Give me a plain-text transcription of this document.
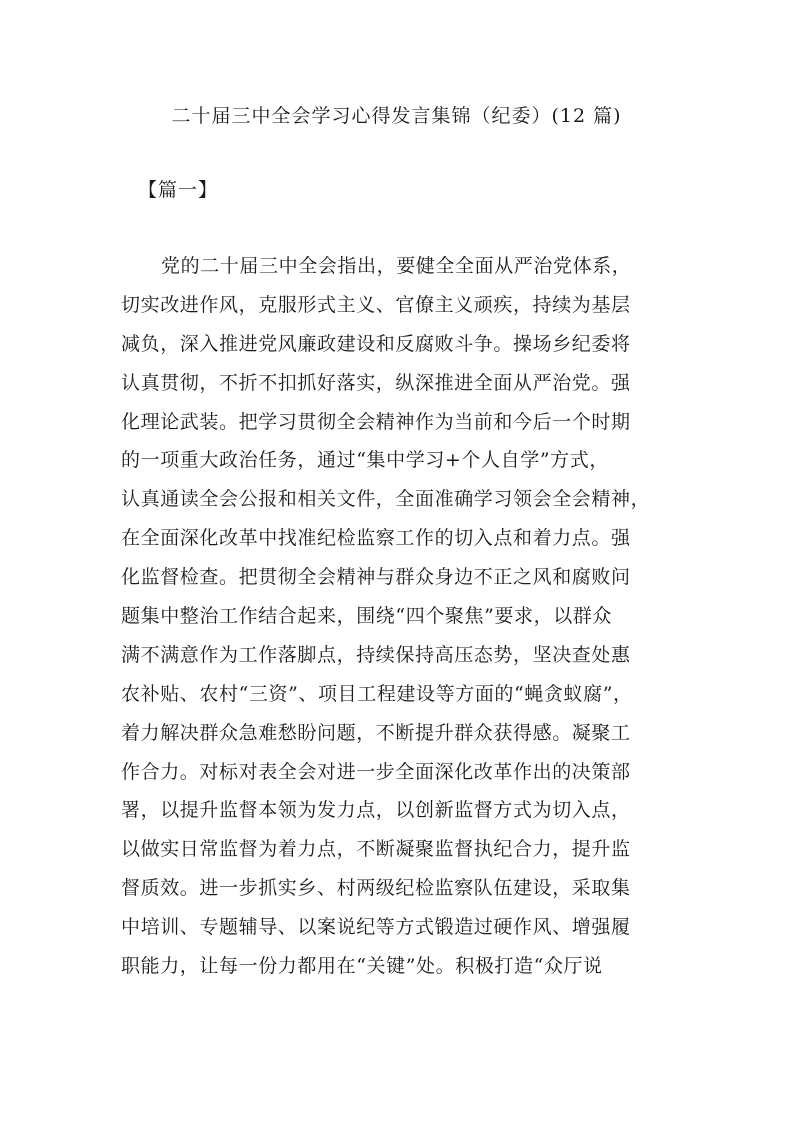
二十届三中全会学习心得发言集锦（纪委）(12 篇)
【篇一】
党的二十届三中全会指出，要健全全面从严治党体系，
切实改进作风，克服形式主义、官僚主义顽疾，持续为基层
减负，深入推进党风廉政建设和反腐败斗争。操场乡纪委将
认真贯彻，不折不扣抓好落实，纵深推进全面从严治党。强
化理论武装。把学习贯彻全会精神作为当前和今后一个时期
的一项重大政治任务，通过“集中学习+个人自学”方式，
认真通读全会公报和相关文件，全面准确学习领会全会精神，
在全面深化改革中找准纪检监察工作的切入点和着力点。强
化监督检查。把贯彻全会精神与群众身边不正之风和腐败问
题集中整治工作结合起来，围绕“四个聚焦”要求，以群众
满不满意作为工作落脚点，持续保持高压态势，坚决查处惠
农补贴、农村“三资”、项目工程建设等方面的“蝇贪蚁腐”，
着力解决群众急难愁盼问题，不断提升群众获得感。凝聚工
作合力。对标对表全会对进一步全面深化改革作出的决策部
署，以提升监督本领为发力点，以创新监督方式为切入点，
以做实日常监督为着力点，不断凝聚监督执纪合力，提升监
督质效。进一步抓实乡、村两级纪检监察队伍建设，采取集
中培训、专题辅导、以案说纪等方式锻造过硬作风、增强履
职能力，让每一份力都用在“关键”处。积极打造“众厅说
